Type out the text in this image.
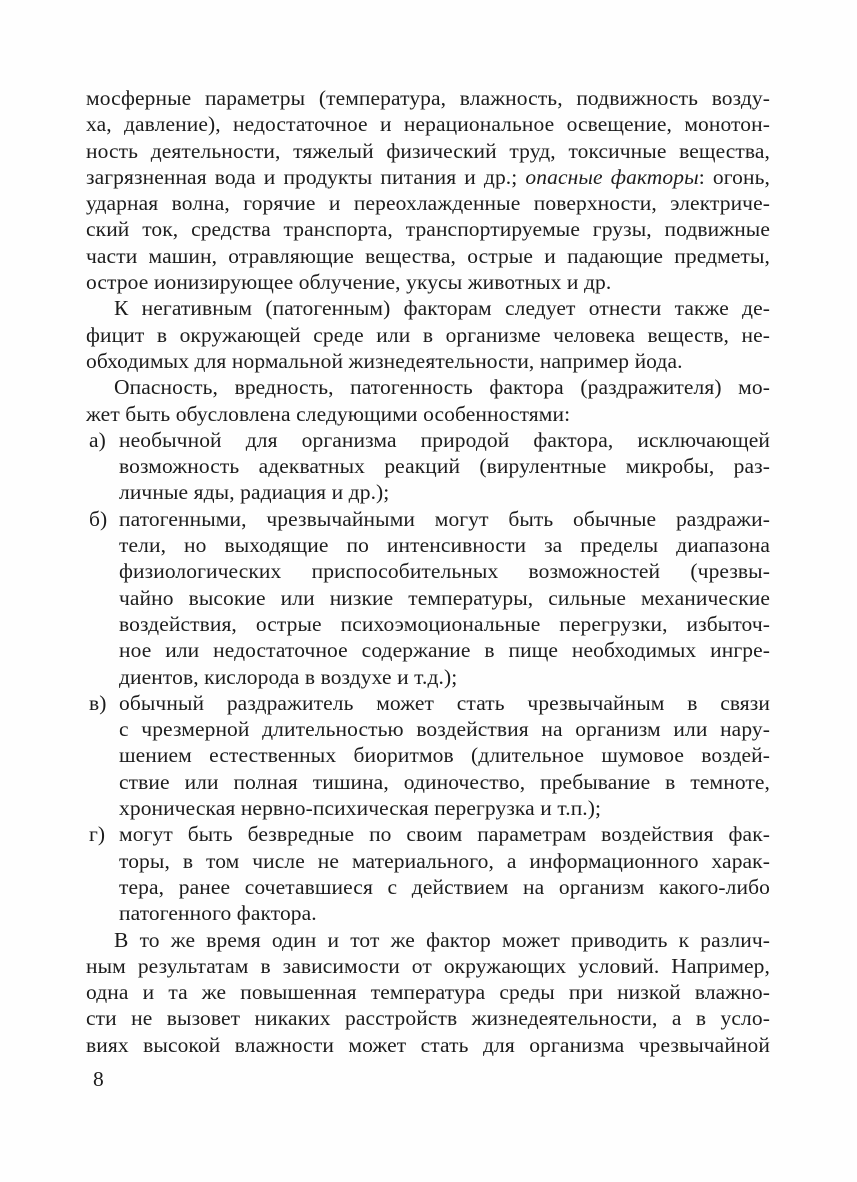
мосферные параметры (температура, влажность, подвижность возду-
ха, давление), недостаточное и нерациональное освещение, монотон-
ность деятельности, тяжелый физический труд, токсичные вещества,
загрязненная вода и продукты питания и др.; опасные факторы: огонь,
ударная волна, горячие и переохлажденные поверхности, электриче-
ский ток, средства транспорта, транспортируемые грузы, подвижные
части машин, отравляющие вещества, острые и падающие предметы,
острое ионизирующее облучение, укусы животных и др.
К негативным (патогенным) факторам следует отнести также де-
фицит в окружающей среде или в организме человека веществ, не-
обходимых для нормальной жизнедеятельности, например йода.
Опасность, вредность, патогенность фактора (раздражителя) мо-
жет быть обусловлена следующими особенностями:
а) необычной для организма природой фактора, исключающей
возможность адекватных реакций (вирулентные микробы, раз-
личные яды, радиация и др.);
б) патогенными, чрезвычайными могут быть обычные раздражи-
тели, но выходящие по интенсивности за пределы диапазона
физиологических приспособительных возможностей (чрезвы-
чайно высокие или низкие температуры, сильные механические
воздействия, острые психоэмоциональные перегрузки, избыточ-
ное или недостаточное содержание в пище необходимых ингре-
диентов, кислорода в воздухе и т.д.);
в) обычный раздражитель может стать чрезвычайным в связи
с чрезмерной длительностью воздействия на организм или нару-
шением естественных биоритмов (длительное шумовое воздей-
ствие или полная тишина, одиночество, пребывание в темноте,
хроническая нервно-психическая перегрузка и т.п.);
г) могут быть безвредные по своим параметрам воздействия фак-
торы, в том числе не материального, а информационного харак-
тера, ранее сочетавшиеся с действием на организм какого-либо
патогенного фактора.
В то же время один и тот же фактор может приводить к различ-
ным результатам в зависимости от окружающих условий. Например,
одна и та же повышенная температура среды при низкой влажно-
сти не вызовет никаких расстройств жизнедеятельности, а в усло-
виях высокой влажности может стать для организма чрезвычайной
8
